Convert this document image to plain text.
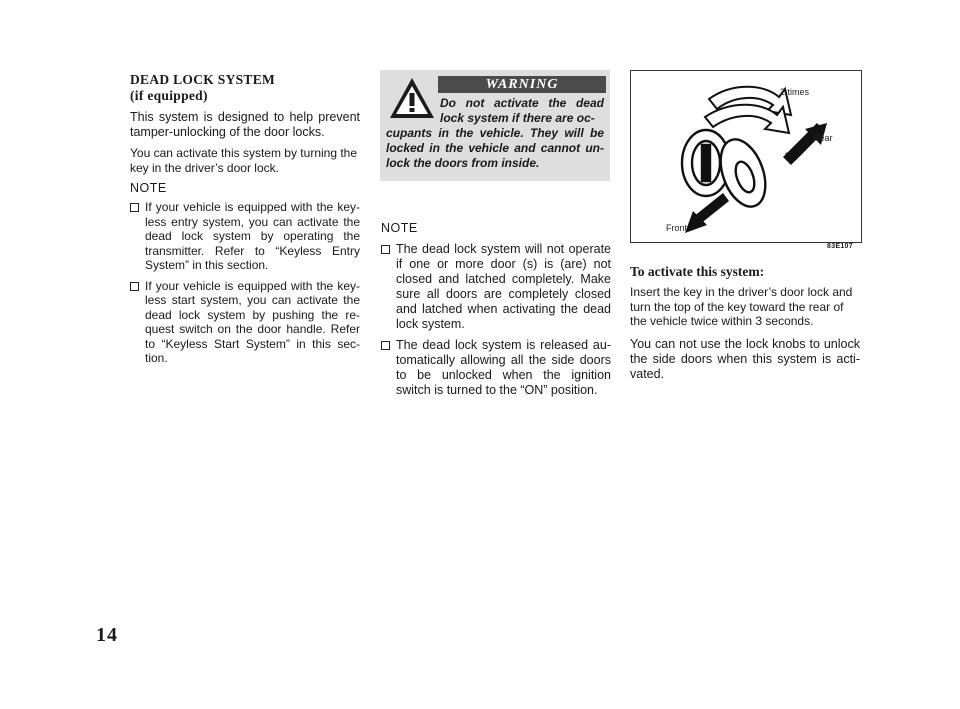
DEAD LOCK SYSTEM
(if equipped)

This system is designed to help prevent tamper-unlocking of the door locks.

You can activate this system by turning the key in the driver’s door lock.

NOTE
If your vehicle is equipped with the key-less entry system, you can activate the dead lock system by operating the transmitter. Refer to “Keyless Entry System” in this section.
If your vehicle is equipped with the key-less start system, you can activate the dead lock system by pushing the re-quest switch on the door handle. Refer to “Keyless Start System” in this sec-tion.
WARNING
Do not activate the dead lock system if there are oc-
cupants in the vehicle. They will be locked in the vehicle and cannot un-lock the doors from inside.
NOTE
The dead lock system will not operate if one or more door (s) is (are) not closed and latched completely. Make sure all doors are completely closed and latched when activating the dead lock system.
The dead lock system is released au-tomatically allowing all the side doors to be unlocked when the ignition switch is turned to the “ON” position.
2 times
Rear
Front
83E107
To activate this system:

Insert the key in the driver’s door lock and turn the top of the key toward the rear of the vehicle twice within 3 seconds.

You can not use the lock knobs to unlock the side doors when this system is acti-vated.

14
